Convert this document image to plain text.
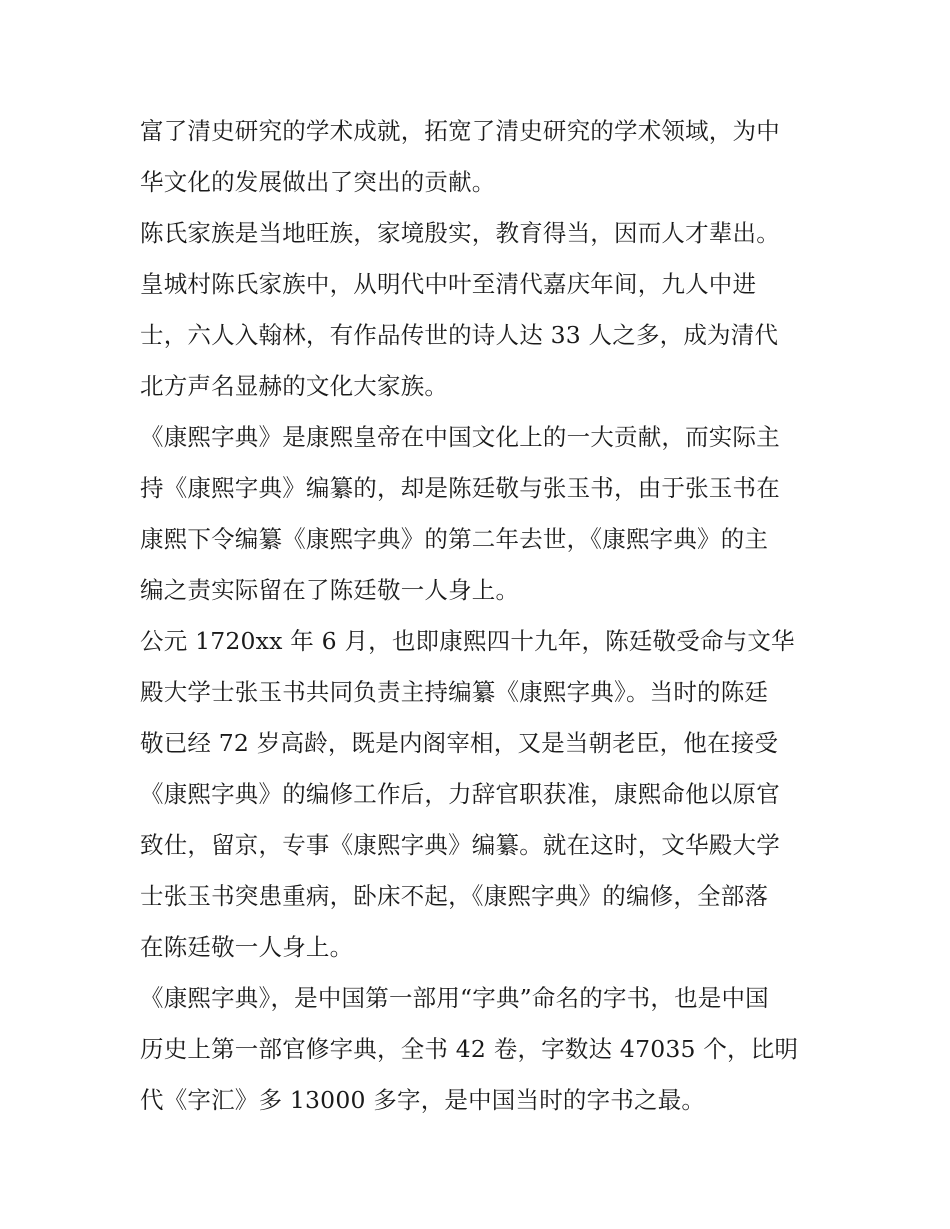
富了清史研究的学术成就，拓宽了清史研究的学术领域，为中
华文化的发展做出了突出的贡献。
陈氏家族是当地旺族，家境殷实，教育得当，因而人才辈出。
皇城村陈氏家族中，从明代中叶至清代嘉庆年间，九人中进
士，六人入翰林，有作品传世的诗人达 33 人之多，成为清代
北方声名显赫的文化大家族。
《康熙字典》是康熙皇帝在中国文化上的一大贡献，而实际主
持《康熙字典》编纂的，却是陈廷敬与张玉书，由于张玉书在
康熙下令编纂《康熙字典》的第二年去世，《康熙字典》的主
编之责实际留在了陈廷敬一人身上。
公元 1720xx 年 6 月，也即康熙四十九年，陈廷敬受命与文华
殿大学士张玉书共同负责主持编纂《康熙字典》。当时的陈廷
敬已经 72 岁高龄，既是内阁宰相，又是当朝老臣，他在接受
《康熙字典》的编修工作后，力辞官职获准，康熙命他以原官
致仕，留京，专事《康熙字典》编纂。就在这时，文华殿大学
士张玉书突患重病，卧床不起，《康熙字典》的编修，全部落
在陈廷敬一人身上。
《康熙字典》，是中国第一部用“字典”命名的字书，也是中国
历史上第一部官修字典，全书 42 卷，字数达 47035 个，比明
代《字汇》多 13000 多字，是中国当时的字书之最。
